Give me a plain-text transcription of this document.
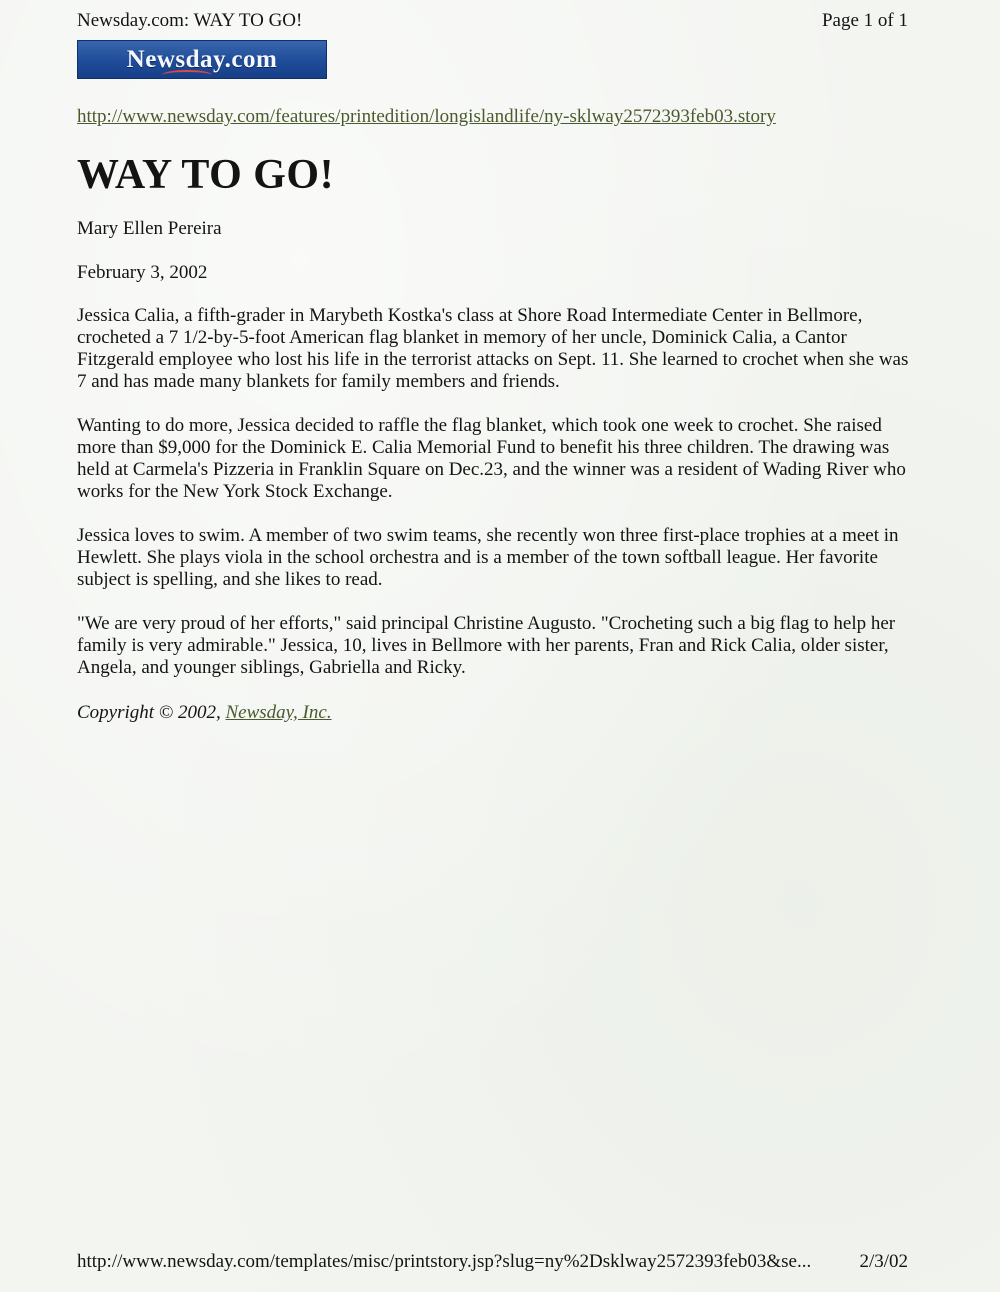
Newsday.com: WAY TO GO!	Page 1 of 1
Newsday.com
http://www.newsday.com/features/printedition/longislandlife/ny-sklway2572393feb03.story
WAY TO GO!
Mary Ellen Pereira
February 3, 2002

Jessica Calia, a fifth-grader in Marybeth Kostka's class at Shore Road Intermediate Center in Bellmore, crocheted a 7 1/2-by-5-foot American flag blanket in memory of her uncle, Dominick Calia, a Cantor Fitzgerald employee who lost his life in the terrorist attacks on Sept. 11. She learned to crochet when she was 7 and has made many blankets for family members and friends.

Wanting to do more, Jessica decided to raffle the flag blanket, which took one week to crochet. She raised more than $9,000 for the Dominick E. Calia Memorial Fund to benefit his three children. The drawing was held at Carmela's Pizzeria in Franklin Square on Dec.23, and the winner was a resident of Wading River who works for the New York Stock Exchange.

Jessica loves to swim. A member of two swim teams, she recently won three first-place trophies at a meet in Hewlett. She plays viola in the school orchestra and is a member of the town softball league. Her favorite subject is spelling, and she likes to read.

"We are very proud of her efforts," said principal Christine Augusto. "Crocheting such a big flag to help her family is very admirable." Jessica, 10, lives in Bellmore with her parents, Fran and Rick Calia, older sister, Angela, and younger siblings, Gabriella and Ricky.

Copyright © 2002, Newsday, Inc.
http://www.newsday.com/templates/misc/printstory.jsp?slug=ny%2Dsklway2572393feb03&se...	2/3/02
